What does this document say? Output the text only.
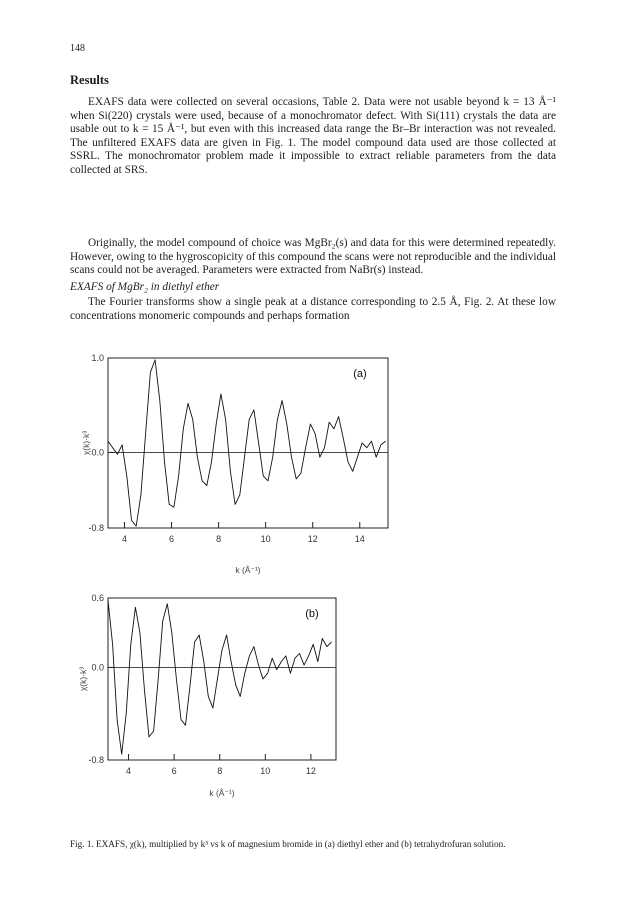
148
Results
EXAFS data were collected on several occasions, Table 2. Data were not usable beyond k = 13 Å⁻¹ when Si(220) crystals were used, because of a monochromator defect. With Si(111) crystals the data are usable out to k = 15 Å⁻¹, but even with this increased data range the Br–Br interaction was not revealed. The unfiltered EXAFS data are given in Fig. 1. The model compound data used are those collected at SSRL. The monochromator problem made it impossible to extract reliable parameters from the data collected at SRS.
Originally, the model compound of choice was MgBr₂(s) and data for this were determined repeatedly. However, owing to the hygroscopicity of this compound the scans were not reproducible and the individual scans could not be averaged. Parameters were extracted from NaBr(s) instead.
EXAFS of MgBr₂ in diethyl ether
The Fourier transforms show a single peak at a distance corresponding to 2.5 Å, Fig. 2. At these low concentrations monomeric compounds and perhaps formation
4	6	8	10	12	14
1.0
0.0
-0.8
k (Å⁻¹)
χ(k)·k³
(a)
4	6	8	10	12
0.6
0.0
-0.8
k (Å⁻¹)
χ(k)·k³
(b)
Fig. 1. EXAFS, χ(k), multiplied by k³ vs k of magnesium bromide in (a) diethyl ether and (b) tetrahydrofuran solution.
